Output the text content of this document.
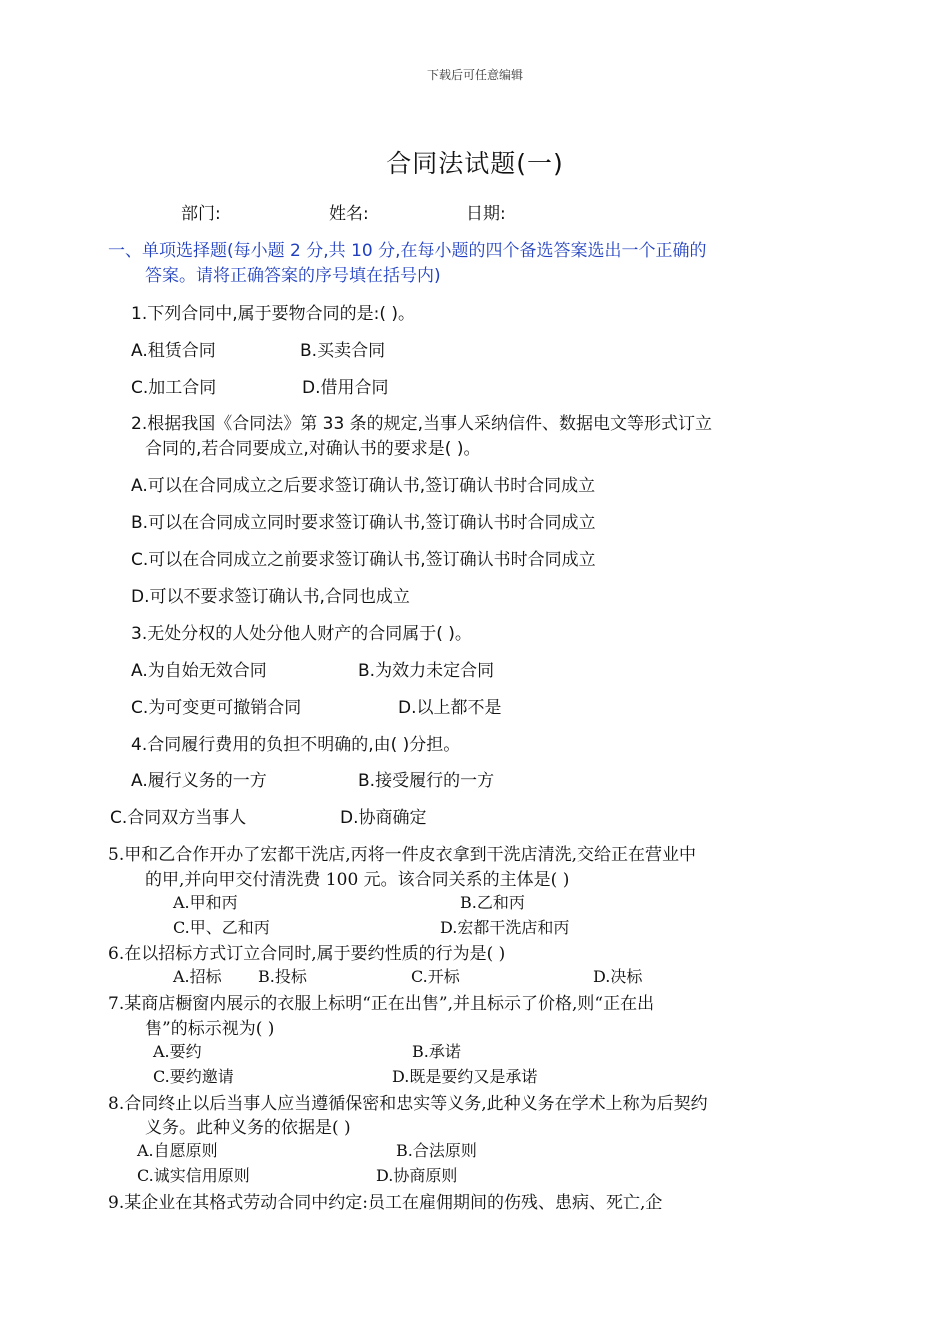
下载后可任意编辑
合同法试题(一)
部门:	姓名:	日期:
一、单项选择题(每小题 2 分,共 10 分,在每小题的四个备选答案选出一个正确的
答案。请将正确答案的序号填在括号内)
1.下列合同中,属于要物合同的是:( )。
A.租赁合同	B.买卖合同
C.加工合同	D.借用合同
2.根据我国《合同法》第 33 条的规定,当事人采纳信件、数据电文等形式订立
合同的,若合同要成立,对确认书的要求是( )。
A.可以在合同成立之后要求签订确认书,签订确认书时合同成立
B.可以在合同成立同时要求签订确认书,签订确认书时合同成立
C.可以在合同成立之前要求签订确认书,签订确认书时合同成立
D.可以不要求签订确认书,合同也成立
3.无处分权的人处分他人财产的合同属于( )。
A.为自始无效合同	B.为效力未定合同
C.为可变更可撤销合同	D.以上都不是
4.合同履行费用的负担不明确的,由( )分担。
A.履行义务的一方	B.接受履行的一方
C.合同双方当事人	D.协商确定
5.甲和乙合作开办了宏都干洗店,丙将一件皮衣拿到干洗店清洗,交给正在营业中
的甲,并向甲交付清洗费 100 元。该合同关系的主体是( )
A.甲和丙	B.乙和丙
C.甲、乙和丙	D.宏都干洗店和丙
6.在以招标方式订立合同时,属于要约性质的行为是( )
A.招标 B.投标	C.开标	D.决标
7.某商店橱窗内展示的衣服上标明“正在出售”,并且标示了价格,则“正在出
售”的标示视为( )
A.要约	B.承诺
C.要约邀请	D.既是要约又是承诺
8.合同终止以后当事人应当遵循保密和忠实等义务,此种义务在学术上称为后契约
义务。此种义务的依据是( )
A.自愿原则	B.合法原则
C.诚实信用原则	D.协商原则
9.某企业在其格式劳动合同中约定:员工在雇佣期间的伤残、患病、死亡,企
